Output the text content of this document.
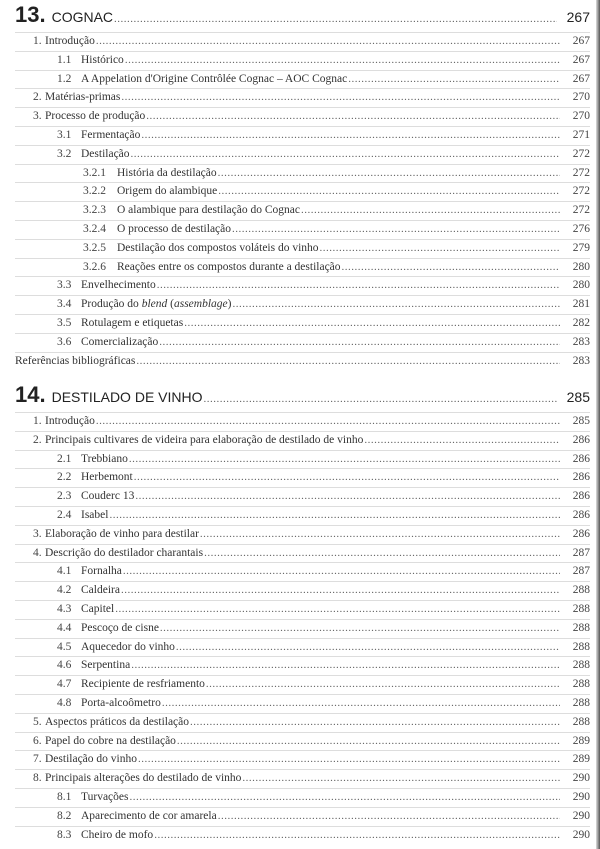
13. COGNAC .....	267
1. Introdução .....	267
1.1 Histórico .....	267
1.2 A Appelation d'Origine Contrôlée Cognac – AOC Cognac .....	267
2. Matérias-primas .....	270
3. Processo de produção .....	270
3.1 Fermentação .....	271
3.2 Destilação .....	272
3.2.1 História da destilação .....	272
3.2.2 Origem do alambique .....	272
3.2.3 O alambique para destilação do Cognac .....	272
3.2.4 O processo de destilação .....	276
3.2.5 Destilação dos compostos voláteis do vinho .....	279
3.2.6 Reações entre os compostos durante a destilação .....	280
3.3 Envelhecimento .....	280
3.4 Produção do blend (assemblage) .....	281
3.5 Rotulagem e etiquetas .....	282
3.6 Comercialização .....	283
Referências bibliográficas .....	283
14. DESTILADO DE VINHO .....	285
1. Introdução .....	285
2. Principais cultivares de videira para elaboração de destilado de vinho .....	286
2.1 Trebbiano .....	286
2.2 Herbemont .....	286
2.3 Couderc 13 .....	286
2.4 Isabel .....	286
3. Elaboração de vinho para destilar .....	286
4. Descrição do destilador charantais .....	287
4.1 Fornalha .....	287
4.2 Caldeira .....	288
4.3 Capitel .....	288
4.4 Pescoço de cisne .....	288
4.5 Aquecedor do vinho .....	288
4.6 Serpentina .....	288
4.7 Recipiente de resfriamento .....	288
4.8 Porta-alcoômetro .....	288
5. Aspectos práticos da destilação .....	288
6. Papel do cobre na destilação .....	289
7. Destilação do vinho .....	289
8. Principais alterações do destilado de vinho .....	290
8.1 Turvações .....	290
8.2 Aparecimento de cor amarela .....	290
8.3 Cheiro de mofo .....	290
